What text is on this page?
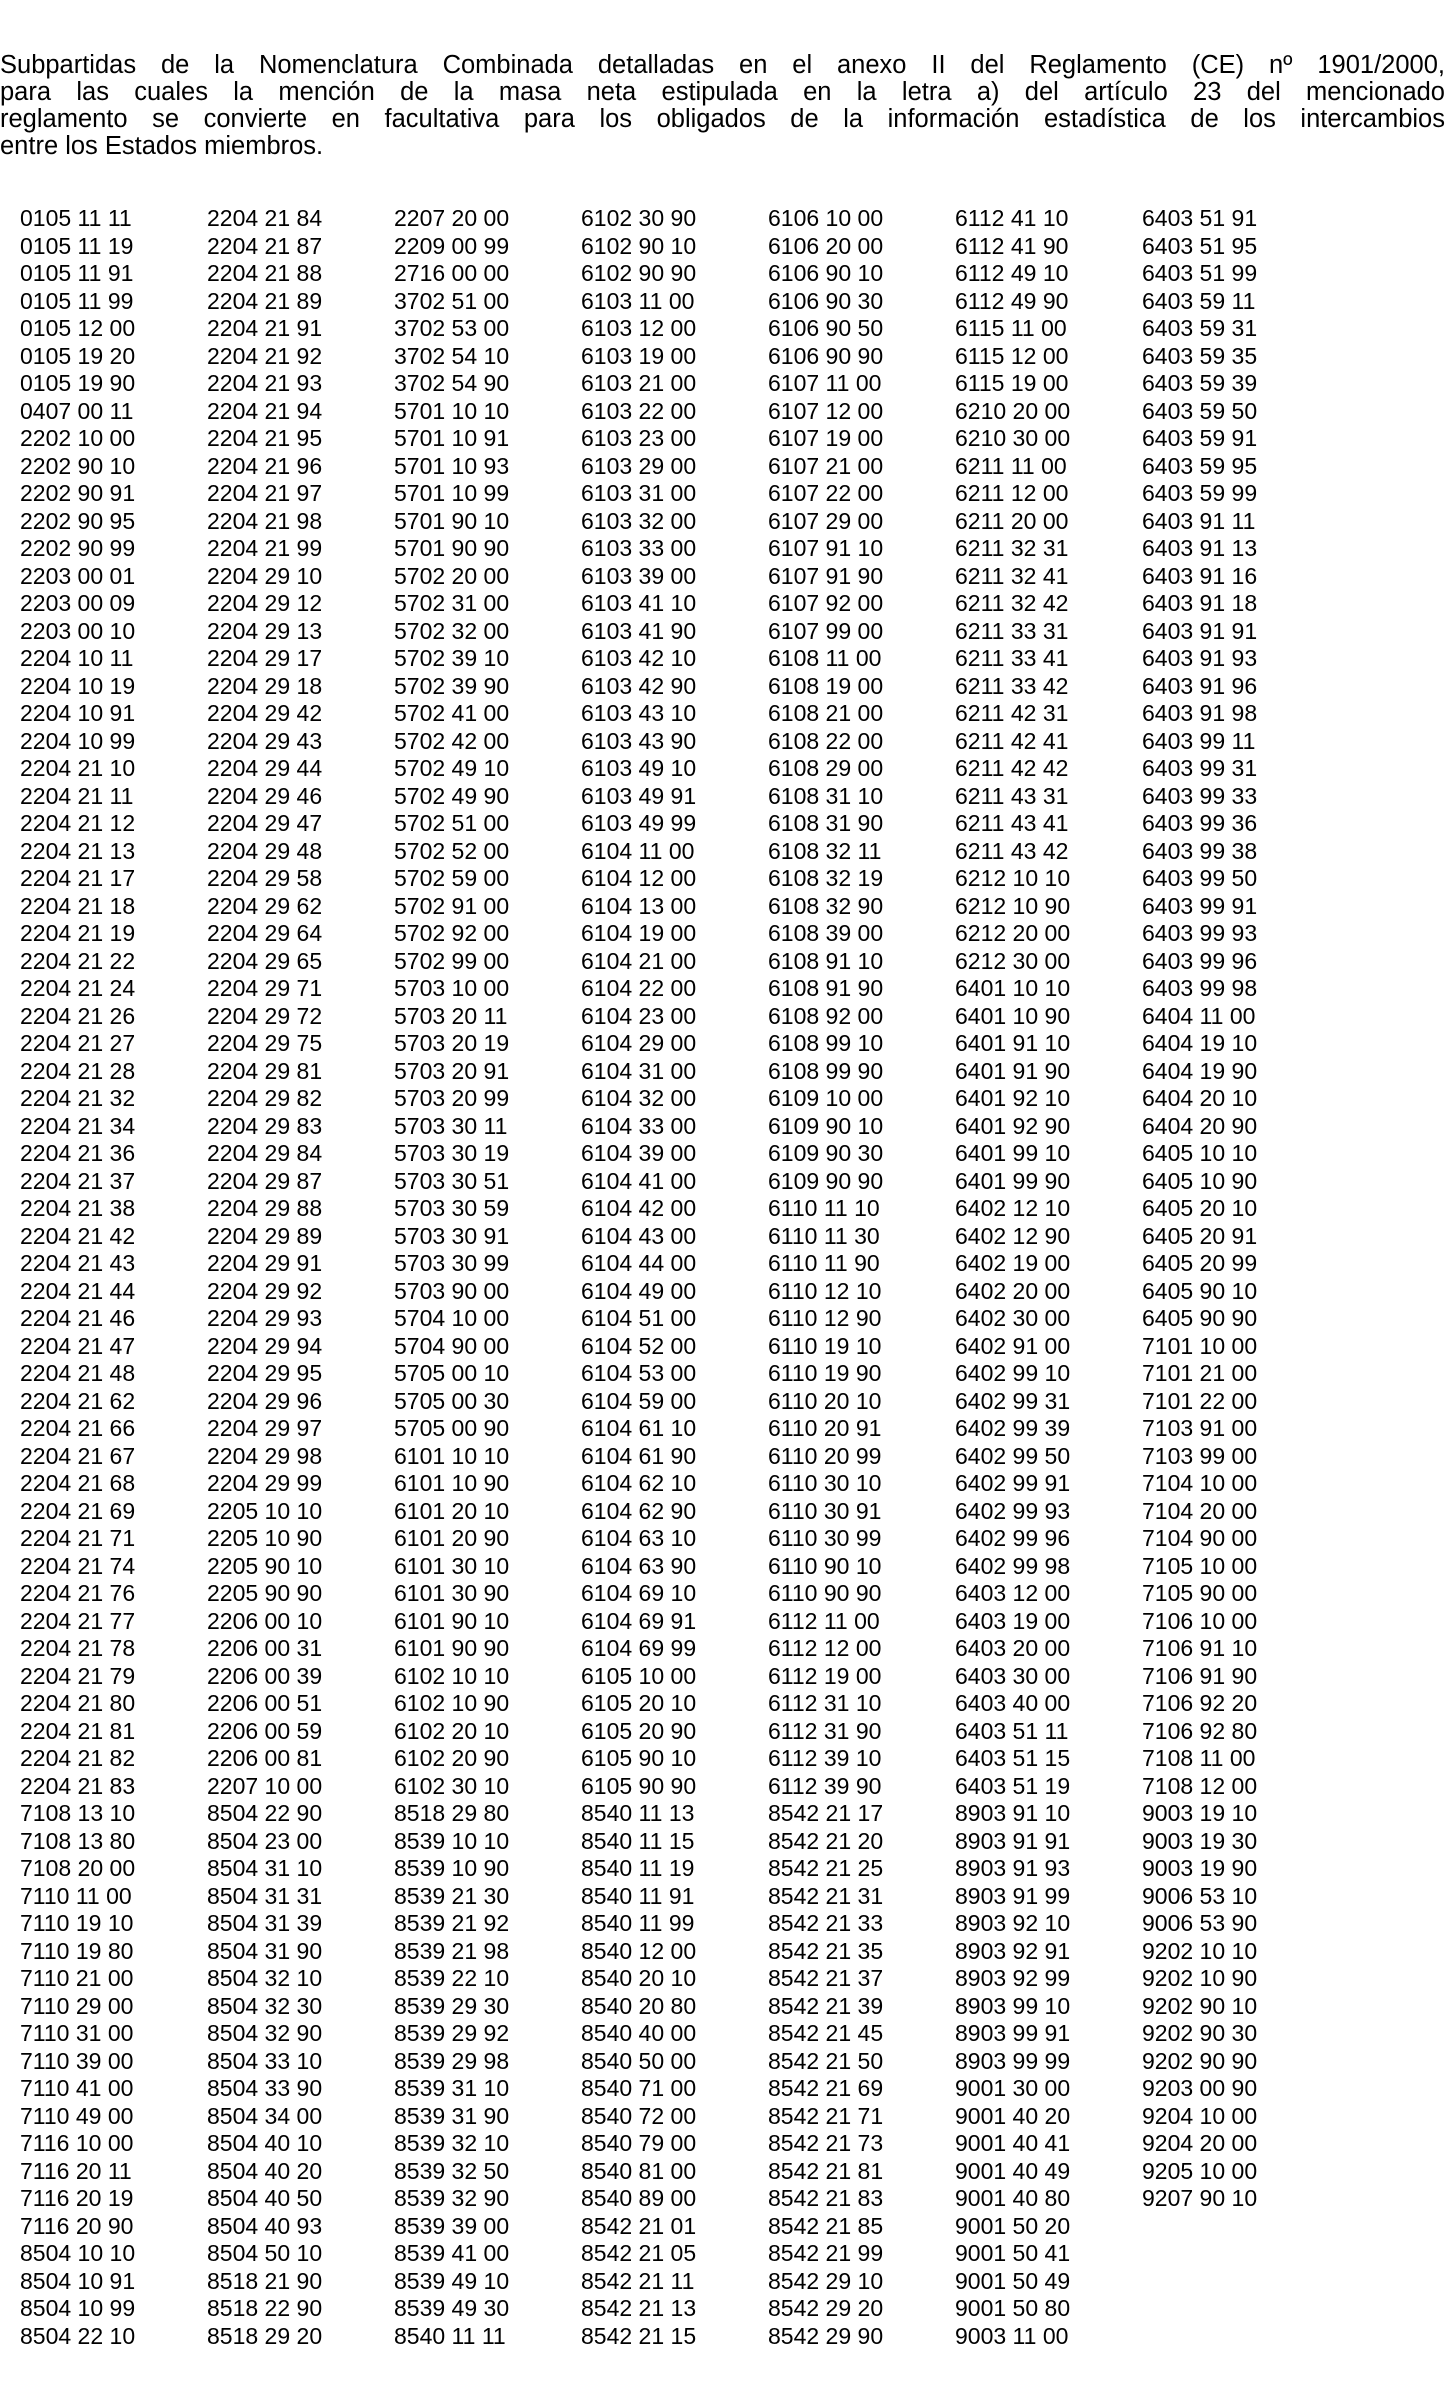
Subpartidas de la Nomenclatura Combinada detalladas en el anexo II del Reglamento (CE) nº 1901/2000,
para las cuales la mención de la masa neta estipulada en la letra a) del artículo 23 del mencionado
reglamento se convierte en facultativa para los obligados de la información estadística de los intercambios
entre los Estados miembros.
0105 11 11
0105 11 19
0105 11 91
0105 11 99
0105 12 00
0105 19 20
0105 19 90
0407 00 11
2202 10 00
2202 90 10
2202 90 91
2202 90 95
2202 90 99
2203 00 01
2203 00 09
2203 00 10
2204 10 11
2204 10 19
2204 10 91
2204 10 99
2204 21 10
2204 21 11
2204 21 12
2204 21 13
2204 21 17
2204 21 18
2204 21 19
2204 21 22
2204 21 24
2204 21 26
2204 21 27
2204 21 28
2204 21 32
2204 21 34
2204 21 36
2204 21 37
2204 21 38
2204 21 42
2204 21 43
2204 21 44
2204 21 46
2204 21 47
2204 21 48
2204 21 62
2204 21 66
2204 21 67
2204 21 68
2204 21 69
2204 21 71
2204 21 74
2204 21 76
2204 21 77
2204 21 78
2204 21 79
2204 21 80
2204 21 81
2204 21 82
2204 21 83
7108 13 10
7108 13 80
7108 20 00
7110 11 00
7110 19 10
7110 19 80
7110 21 00
7110 29 00
7110 31 00
7110 39 00
7110 41 00
7110 49 00
7116 10 00
7116 20 11
7116 20 19
7116 20 90
8504 10 10
8504 10 91
8504 10 99
8504 22 10
2204 21 84
2204 21 87
2204 21 88
2204 21 89
2204 21 91
2204 21 92
2204 21 93
2204 21 94
2204 21 95
2204 21 96
2204 21 97
2204 21 98
2204 21 99
2204 29 10
2204 29 12
2204 29 13
2204 29 17
2204 29 18
2204 29 42
2204 29 43
2204 29 44
2204 29 46
2204 29 47
2204 29 48
2204 29 58
2204 29 62
2204 29 64
2204 29 65
2204 29 71
2204 29 72
2204 29 75
2204 29 81
2204 29 82
2204 29 83
2204 29 84
2204 29 87
2204 29 88
2204 29 89
2204 29 91
2204 29 92
2204 29 93
2204 29 94
2204 29 95
2204 29 96
2204 29 97
2204 29 98
2204 29 99
2205 10 10
2205 10 90
2205 90 10
2205 90 90
2206 00 10
2206 00 31
2206 00 39
2206 00 51
2206 00 59
2206 00 81
2207 10 00
8504 22 90
8504 23 00
8504 31 10
8504 31 31
8504 31 39
8504 31 90
8504 32 10
8504 32 30
8504 32 90
8504 33 10
8504 33 90
8504 34 00
8504 40 10
8504 40 20
8504 40 50
8504 40 93
8504 50 10
8518 21 90
8518 22 90
8518 29 20
2207 20 00
2209 00 99
2716 00 00
3702 51 00
3702 53 00
3702 54 10
3702 54 90
5701 10 10
5701 10 91
5701 10 93
5701 10 99
5701 90 10
5701 90 90
5702 20 00
5702 31 00
5702 32 00
5702 39 10
5702 39 90
5702 41 00
5702 42 00
5702 49 10
5702 49 90
5702 51 00
5702 52 00
5702 59 00
5702 91 00
5702 92 00
5702 99 00
5703 10 00
5703 20 11
5703 20 19
5703 20 91
5703 20 99
5703 30 11
5703 30 19
5703 30 51
5703 30 59
5703 30 91
5703 30 99
5703 90 00
5704 10 00
5704 90 00
5705 00 10
5705 00 30
5705 00 90
6101 10 10
6101 10 90
6101 20 10
6101 20 90
6101 30 10
6101 30 90
6101 90 10
6101 90 90
6102 10 10
6102 10 90
6102 20 10
6102 20 90
6102 30 10
8518 29 80
8539 10 10
8539 10 90
8539 21 30
8539 21 92
8539 21 98
8539 22 10
8539 29 30
8539 29 92
8539 29 98
8539 31 10
8539 31 90
8539 32 10
8539 32 50
8539 32 90
8539 39 00
8539 41 00
8539 49 10
8539 49 30
8540 11 11
6102 30 90
6102 90 10
6102 90 90
6103 11 00
6103 12 00
6103 19 00
6103 21 00
6103 22 00
6103 23 00
6103 29 00
6103 31 00
6103 32 00
6103 33 00
6103 39 00
6103 41 10
6103 41 90
6103 42 10
6103 42 90
6103 43 10
6103 43 90
6103 49 10
6103 49 91
6103 49 99
6104 11 00
6104 12 00
6104 13 00
6104 19 00
6104 21 00
6104 22 00
6104 23 00
6104 29 00
6104 31 00
6104 32 00
6104 33 00
6104 39 00
6104 41 00
6104 42 00
6104 43 00
6104 44 00
6104 49 00
6104 51 00
6104 52 00
6104 53 00
6104 59 00
6104 61 10
6104 61 90
6104 62 10
6104 62 90
6104 63 10
6104 63 90
6104 69 10
6104 69 91
6104 69 99
6105 10 00
6105 20 10
6105 20 90
6105 90 10
6105 90 90
8540 11 13
8540 11 15
8540 11 19
8540 11 91
8540 11 99
8540 12 00
8540 20 10
8540 20 80
8540 40 00
8540 50 00
8540 71 00
8540 72 00
8540 79 00
8540 81 00
8540 89 00
8542 21 01
8542 21 05
8542 21 11
8542 21 13
8542 21 15
6106 10 00
6106 20 00
6106 90 10
6106 90 30
6106 90 50
6106 90 90
6107 11 00
6107 12 00
6107 19 00
6107 21 00
6107 22 00
6107 29 00
6107 91 10
6107 91 90
6107 92 00
6107 99 00
6108 11 00
6108 19 00
6108 21 00
6108 22 00
6108 29 00
6108 31 10
6108 31 90
6108 32 11
6108 32 19
6108 32 90
6108 39 00
6108 91 10
6108 91 90
6108 92 00
6108 99 10
6108 99 90
6109 10 00
6109 90 10
6109 90 30
6109 90 90
6110 11 10
6110 11 30
6110 11 90
6110 12 10
6110 12 90
6110 19 10
6110 19 90
6110 20 10
6110 20 91
6110 20 99
6110 30 10
6110 30 91
6110 30 99
6110 90 10
6110 90 90
6112 11 00
6112 12 00
6112 19 00
6112 31 10
6112 31 90
6112 39 10
6112 39 90
8542 21 17
8542 21 20
8542 21 25
8542 21 31
8542 21 33
8542 21 35
8542 21 37
8542 21 39
8542 21 45
8542 21 50
8542 21 69
8542 21 71
8542 21 73
8542 21 81
8542 21 83
8542 21 85
8542 21 99
8542 29 10
8542 29 20
8542 29 90
6112 41 10
6112 41 90
6112 49 10
6112 49 90
6115 11 00
6115 12 00
6115 19 00
6210 20 00
6210 30 00
6211 11 00
6211 12 00
6211 20 00
6211 32 31
6211 32 41
6211 32 42
6211 33 31
6211 33 41
6211 33 42
6211 42 31
6211 42 41
6211 42 42
6211 43 31
6211 43 41
6211 43 42
6212 10 10
6212 10 90
6212 20 00
6212 30 00
6401 10 10
6401 10 90
6401 91 10
6401 91 90
6401 92 10
6401 92 90
6401 99 10
6401 99 90
6402 12 10
6402 12 90
6402 19 00
6402 20 00
6402 30 00
6402 91 00
6402 99 10
6402 99 31
6402 99 39
6402 99 50
6402 99 91
6402 99 93
6402 99 96
6402 99 98
6403 12 00
6403 19 00
6403 20 00
6403 30 00
6403 40 00
6403 51 11
6403 51 15
6403 51 19
8903 91 10
8903 91 91
8903 91 93
8903 91 99
8903 92 10
8903 92 91
8903 92 99
8903 99 10
8903 99 91
8903 99 99
9001 30 00
9001 40 20
9001 40 41
9001 40 49
9001 40 80
9001 50 20
9001 50 41
9001 50 49
9001 50 80
9003 11 00
6403 51 91
6403 51 95
6403 51 99
6403 59 11
6403 59 31
6403 59 35
6403 59 39
6403 59 50
6403 59 91
6403 59 95
6403 59 99
6403 91 11
6403 91 13
6403 91 16
6403 91 18
6403 91 91
6403 91 93
6403 91 96
6403 91 98
6403 99 11
6403 99 31
6403 99 33
6403 99 36
6403 99 38
6403 99 50
6403 99 91
6403 99 93
6403 99 96
6403 99 98
6404 11 00
6404 19 10
6404 19 90
6404 20 10
6404 20 90
6405 10 10
6405 10 90
6405 20 10
6405 20 91
6405 20 99
6405 90 10
6405 90 90
7101 10 00
7101 21 00
7101 22 00
7103 91 00
7103 99 00
7104 10 00
7104 20 00
7104 90 00
7105 10 00
7105 90 00
7106 10 00
7106 91 10
7106 91 90
7106 92 20
7106 92 80
7108 11 00
7108 12 00
9003 19 10
9003 19 30
9003 19 90
9006 53 10
9006 53 90
9202 10 10
9202 10 90
9202 90 10
9202 90 30
9202 90 90
9203 00 90
9204 10 00
9204 20 00
9205 10 00
9207 90 10
